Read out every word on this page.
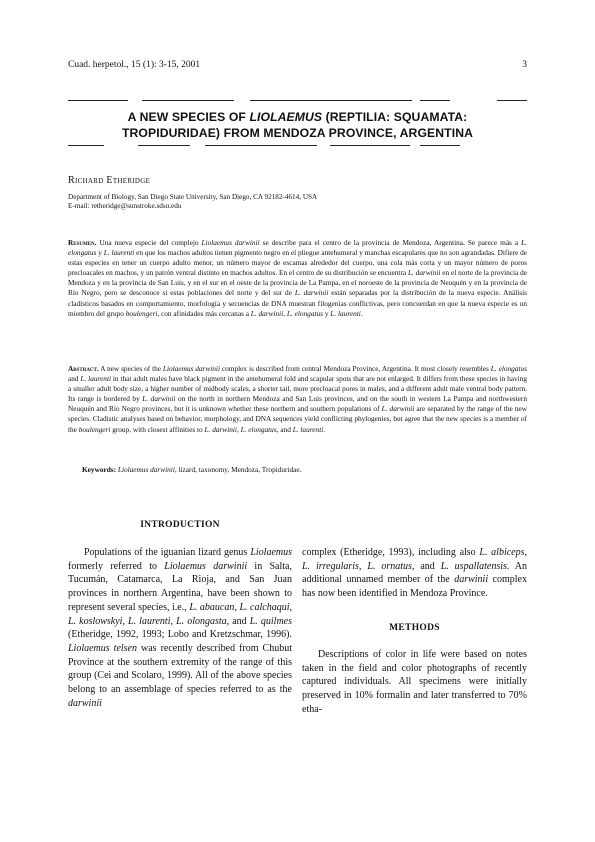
Cuad. herpetol., 15 (1): 3-15, 2001	3
A NEW SPECIES OF LIOLAEMUS (REPTILIA: SQUAMATA:
TROPIDURIDAE) FROM MENDOZA PROVINCE, ARGENTINA
Richard Etheridge
Department of Biology, San Diego State University, San Diego, CA 92182-4614, USA
E-mail: retheridge@sunstroke.sdsu.edu
Resumen. Una nueva especie del complejo Liolaemus darwinii se describe para el centro de la provincia de Mendoza, Argentina. Se parece más a L. elongatus y L. laurenti en que los machos adultos tienen pigmento negro en el pliegue antehumeral y manchas escapulares que no son agrandadas. Difiere de estas especies en tener un cuerpo adulto menor, un número mayor de escamas alrededor del cuerpo, una cola más corta y un mayor número de poros precloacales en machos, y un patrón ventral distinto en machos adultos. En el centro de su distribución se encuentra L. darwinii en el norte de la provincia de Mendoza y en la provincia de San Luis, y en el sur en el oeste de la provincia de La Pampa, en el noroeste de la provincia de Neuquén y en la provincia de Río Negro, pero se desconoce si estas poblaciones del norte y del sur de L. darwinii están separadas por la distribución de la nueva especie. Análisis cladísticos basados en comportamiento, morfología y secuencias de DNA muestran filogenias conflictivas, pero concuerdan en que la nueva especie es un miembro del grupo boulengeri, con afinidades más cercanas a L. darwinii, L. elongatus y L. laurenti.
Abstract. A new species of the Liolaemus darwinii complex is described from central Mendoza Province, Argentina. It most closely resembles L. elongatus and L. laurenti in that adult males have black pigment in the antehumeral fold and scapular spots that are not enlarged. It differs from these species in having a smaller adult body size, a higher number of midbody scales, a shorter tail, more precloacal pores in males, and a different adult male ventral body pattern. Its range is bordered by L. darwinii on the north in northern Mendoza and San Luis provinces, and on the south in western La Pampa and northwestern Neuquén and Río Negro provinces, but it is unknown whether these northern and southern populations of L. darwinii are separated by the range of the new species. Cladistic analyses based on behavior, morphology, and DNA sequences yield conflicting phylogenies, but agree that the new species is a member of the boulengeri group, with closest affinities to L. darwinii, L. elongatus, and L. laurenti.
Keywords: Liolaemus darwinii, lizard, taxonomy, Mendoza, Tropiduridae.
INTRODUCTION
Populations of the iguanian lizard genus Liolaemus formerly referred to Liolaemus darwinii in Salta, Tucumán, Catamarca, La Rioja, and San Juan provinces in northern Argentina, have been shown to represent several species, i.e., L. abaucan, L. calchaqui, L. koslowskyi, L. laurenti, L. olongasta, and L. quilmes (Etheridge, 1992, 1993; Lobo and Kretzschmar, 1996). Liolaemus telsen was recently described from Chubut Province at the southern extremity of the range of this group (Cei and Scolaro, 1999). All of the above species belong to an assemblage of species referred to as the darwinii
complex (Etheridge, 1993), including also L. albiceps, L. irregularis, L. ornatus, and L. uspallatensis. An additional unnamed member of the darwinii complex has now been identified in Mendoza Province.
METHODS
Descriptions of color in life were based on notes taken in the field and color photographs of recently captured individuals. All specimens were initially preserved in 10% formalin and later transferred to 70% etha-
